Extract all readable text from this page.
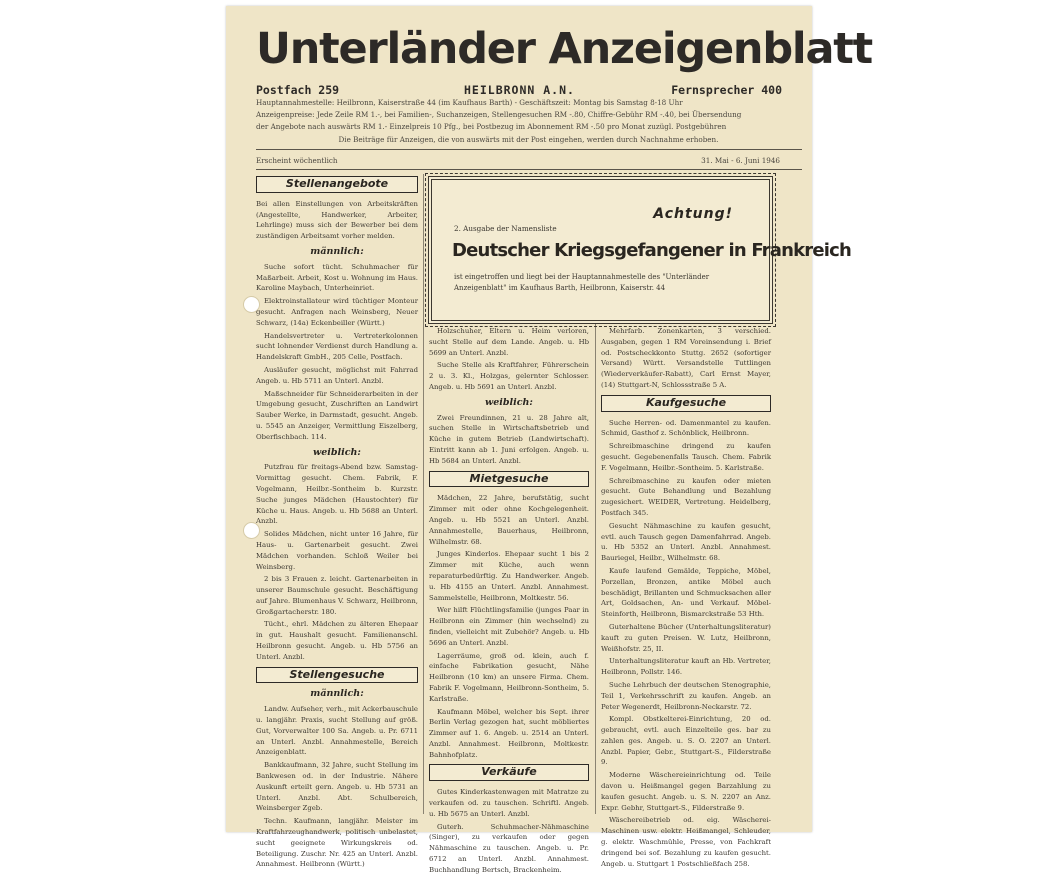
Unterländer Anzeigenblatt
Postfach 259	HEILBRONN A.N.	Fernsprecher 400
Hauptannahmestelle: Heilbronn, Kaiserstraße 44 (im Kaufhaus Barth) - Geschäftszeit: Montag bis Samstag 8-18 Uhr
Anzeigenpreise: Jede Zeile RM 1.-, bei Familien-, Suchanzeigen, Stellengesuchen RM -.80, Chiffre-Gebühr RM -.40, bei Übersendung
der Angebote nach auswärts RM 1.- Einzelpreis 10 Pfg., bei Postbezug im Abonnement RM -.50 pro Monat zuzügl. Postgebühren
Die Beiträge für Anzeigen, die von auswärts mit der Post eingehen, werden durch Nachnahme erhoben.
Erscheint wöchentlich	31. Mai - 6. Juni 1946
Stellenangebote

Bei allen Einstellungen von Arbeitskräften (Angestellte, Handwerker, Arbeiter, Lehrlinge) muss sich der Bewerber bei dem zuständigen Arbeitsamt vorher melden.

männlich:

Suche sofort tücht. Schuhmacher für Maßarbeit. Arbeit, Kost u. Wohnung im Haus. Karoline Maybach, Unterheinriet.

Elektroinstallateur wird tüchtiger Monteur gesucht. Anfragen nach Weinsberg, Neuer Schwarz, (14a) Eckenbeiller (Württ.)

Handelsvertreter u. Vertreterkolonnen sucht lohnender Verdienst durch Handlung a. Handelskraft GmbH., 205 Celle, Postfach.

Ausläufer gesucht, möglichst mit Fahrrad Angeb. u. Hb 5711 an Unterl. Anzbl.

Maßschneider für Schneiderarbeiten in der Umgebung gesucht, Zuschriften an Landwirt Sauber Werke, in Darmstadt, gesucht. Angeb. u. 5545 an Anzeiger, Vermittlung Eiszelberg, Oberfischbach. 114.

weiblich:

Putzfrau für freitags-Abend bzw. Samstag-Vormittag gesucht. Chem. Fabrik, F. Vogelmann, Heilbr.-Sontheim b. Kurzstr. Suche junges Mädchen (Haustochter) für Küche u. Haus. Angeb. u. Hb 5688 an Unterl. Anzbl.

Solides Mädchen, nicht unter 16 Jahre, für Haus- u. Gartenarbeit gesucht. Zwei Mädchen vorhanden. Schloß Weiler bei Weinsberg.

2 bis 3 Frauen z. leicht. Gartenarbeiten in unserer Baumschule gesucht. Beschäftigung auf Jahre. Blumenhaus V. Schwarz, Heilbronn, Großgartacherstr. 180.

Tücht., ehrl. Mädchen zu älteren Ehepaar in gut. Haushalt gesucht. Familienanschl. Heilbronn gesucht. Angeb. u. Hb 5756 an Unterl. Anzbl.

Stellengesuche
männlich:

Landw. Aufseher, verh., mit Ackerbauschule u. langjähr. Praxis, sucht Stellung auf größ. Gut, Vorverwalter 100 Sa. Angeb. u. Pr. 6711 an Unterl. Anzbl. Annahmestelle, Bereich Anzeigenblatt.

Bankkaufmann, 32 Jahre, sucht Stellung im Bankwesen od. in der Industrie. Nähere Auskunft erteilt gern. Angeb. u. Hb 5731 an Unterl. Anzbl. Abt. Schulbereich, Weinsberger Zgeb.

Techn. Kaufmann, langjähr. Meister im Kraftfahrzeughandwerk, politisch unbelastet, sucht geeignete Wirkungskreis od. Beteiligung. Zuschr. Nr. 425 an Unterl. Anzbl. Annahmest. Heilbronn (Württ.)

Achtung!
2. Ausgabe der Namensliste
Deutscher Kriegsgefangener in Frankreich
ist eingetroffen und liegt bei der Hauptannahmestelle des "Unterländer Anzeigenblatt" im Kaufhaus Barth, Heilbronn, Kaiserstr. 44

Holzschuher, Eltern u. Heim verloren, sucht Stelle auf dem Lande. Angeb. u. Hb 5699 an Unterl. Anzbl.

Suche Stelle als Kraftfahrer, Führerschein 2 u. 3. Kl., Holzgas, gelernter Schlosser. Angeb. u. Hb 5691 an Unterl. Anzbl.

weiblich:

Zwei Freundinnen, 21 u. 28 Jahre alt, suchen Stelle in Wirtschaftsbetrieb und Küche in gutem Betrieb (Landwirtschaft). Eintritt kann ab 1. Juni erfolgen. Angeb. u. Hb 5684 an Unterl. Anzbl.

Mietgesuche

Mädchen, 22 Jahre, berufstätig, sucht Zimmer mit oder ohne Kochgelegenheit. Angeb. u. Hb 5521 an Unterl. Anzbl. Annahmestelle, Bauerhaus, Heilbronn, Wilhelmstr. 68.

Junges Kinderlos. Ehepaar sucht 1 bis 2 Zimmer mit Küche, auch wenn reparaturbedürftig. Zu Handwerker. Angeb. u. Hb 4155 an Unterl. Anzbl. Annahmest. Sammelstelle, Heilbronn, Moltkestr. 56.

Wer hilft Flüchtlingsfamilie (junges Paar in Heilbronn ein Zimmer (hin wechselnd) zu finden, vielleicht mit Zubehör? Angeb. u. Hb 5696 an Unterl. Anzbl.

Lagerräume, groß od. klein, auch f. einfache Fabrikation gesucht, Nähe Heilbronn (10 km) an unsere Firma. Chem. Fabrik F. Vogelmann, Heilbronn-Sontheim, 5. Karlstraße.

Kaufmann Möbel, welcher bis Sept. ihrer Berlin Verlag gezogen hat, sucht möbliertes Zimmer auf 1. 6. Angeb. u. 2514 an Unterl. Anzbl. Annahmest. Heilbronn, Moltkestr. Bahnhofplatz.

Verkäufe

Gutes Kinderkastenwagen mit Matratze zu verkaufen od. zu tauschen. Schriftl. Angeb. u. Hb 5675 an Unterl. Anzbl.

Guterh. Schuhmacher-Nähmaschine (Singer), zu verkaufen oder gegen Nähmaschine zu tauschen. Angeb. u. Pr. 6712 an Unterl. Anzbl. Annahmest. Buchhandlung Bertsch, Brackenheim.

Mehrfarb. Zonenkarten, 3 verschied. Ausgaben, gegen 1 RM Voreinsendung i. Brief od. Postscheckkonto Stuttg. 2652 (sofortiger Versand) Württ. Versandstelle Tuttlingen (Wiederverkäufer-Rabatt), Carl Ernst Mayer, (14) Stuttgart-N, Schlossstraße 5 A.

Kaufgesuche

Suche Herren- od. Damenmantel zu kaufen. Schmid, Gasthof z. Schönblick, Heilbronn.

Schreibmaschine dringend zu kaufen gesucht. Gegebenenfalls Tausch. Chem. Fabrik F. Vogelmann, Heilbr.-Sontheim. 5. Karlstraße.

Schreibmaschine zu kaufen oder mieten gesucht. Gute Behandlung und Bezahlung zugesichert. WEIDER, Vertretung. Heidelberg, Postfach 345.

Gesucht Nähmaschine zu kaufen gesucht, evtl. auch Tausch gegen Damenfahrrad. Angeb. u. Hb 5352 an Unterl. Anzbl. Annahmest. Bauriegel, Heilbr., Wilhelmstr. 68.

Kaufe laufend Gemälde, Teppiche, Möbel, Porzellan, Bronzen, antike Möbel auch beschädigt, Brillanten und Schmucksachen aller Art, Goldsachen, An- und Verkauf. Möbel-Steinforth, Heilbronn, Bismarckstraße 53 Hth.

Guterhaltene Bücher (Unterhaltungsliteratur) kauft zu guten Preisen. W. Lutz, Heilbronn, Weißhofstr. 25, II.

Unterhaltungsliteratur kauft an Hb. Vertreter, Heilbronn, Pollstr. 146.

Suche Lehrbuch der deutschen Stenographie, Teil 1, Verkehrsschrift zu kaufen. Angeb. an Peter Wegenerdt, Heilbronn-Neckarstr. 72.

Kompl. Obstkelterei-Einrichtung, 20 od. gebraucht, evtl. auch Einzelteile ges. bar zu zahlen ges. Angeb. u. S. O. 2207 an Unterl. Anzbl. Papier, Gebr., Stuttgart-S., Filderstraße 9.

Moderne Wäschereieinrichtung od. Teile davon u. Heißmangel gegen Barzahlung zu kaufen gesucht. Angeb. u. S. N. 2207 an Anz. Expr. Gebhr, Stuttgart-S., Filderstraße 9.

Wäschereibetrieb od. eig. Wäscherei-Maschinen usw. elektr. Heißmangel, Schleuder, g. elektr. Waschmühle, Presse, von Fachkraft dringend bei sof. Bezahlung zu kaufen gesucht. Angeb. u. Stuttgart 1 Postschließfach 258.
